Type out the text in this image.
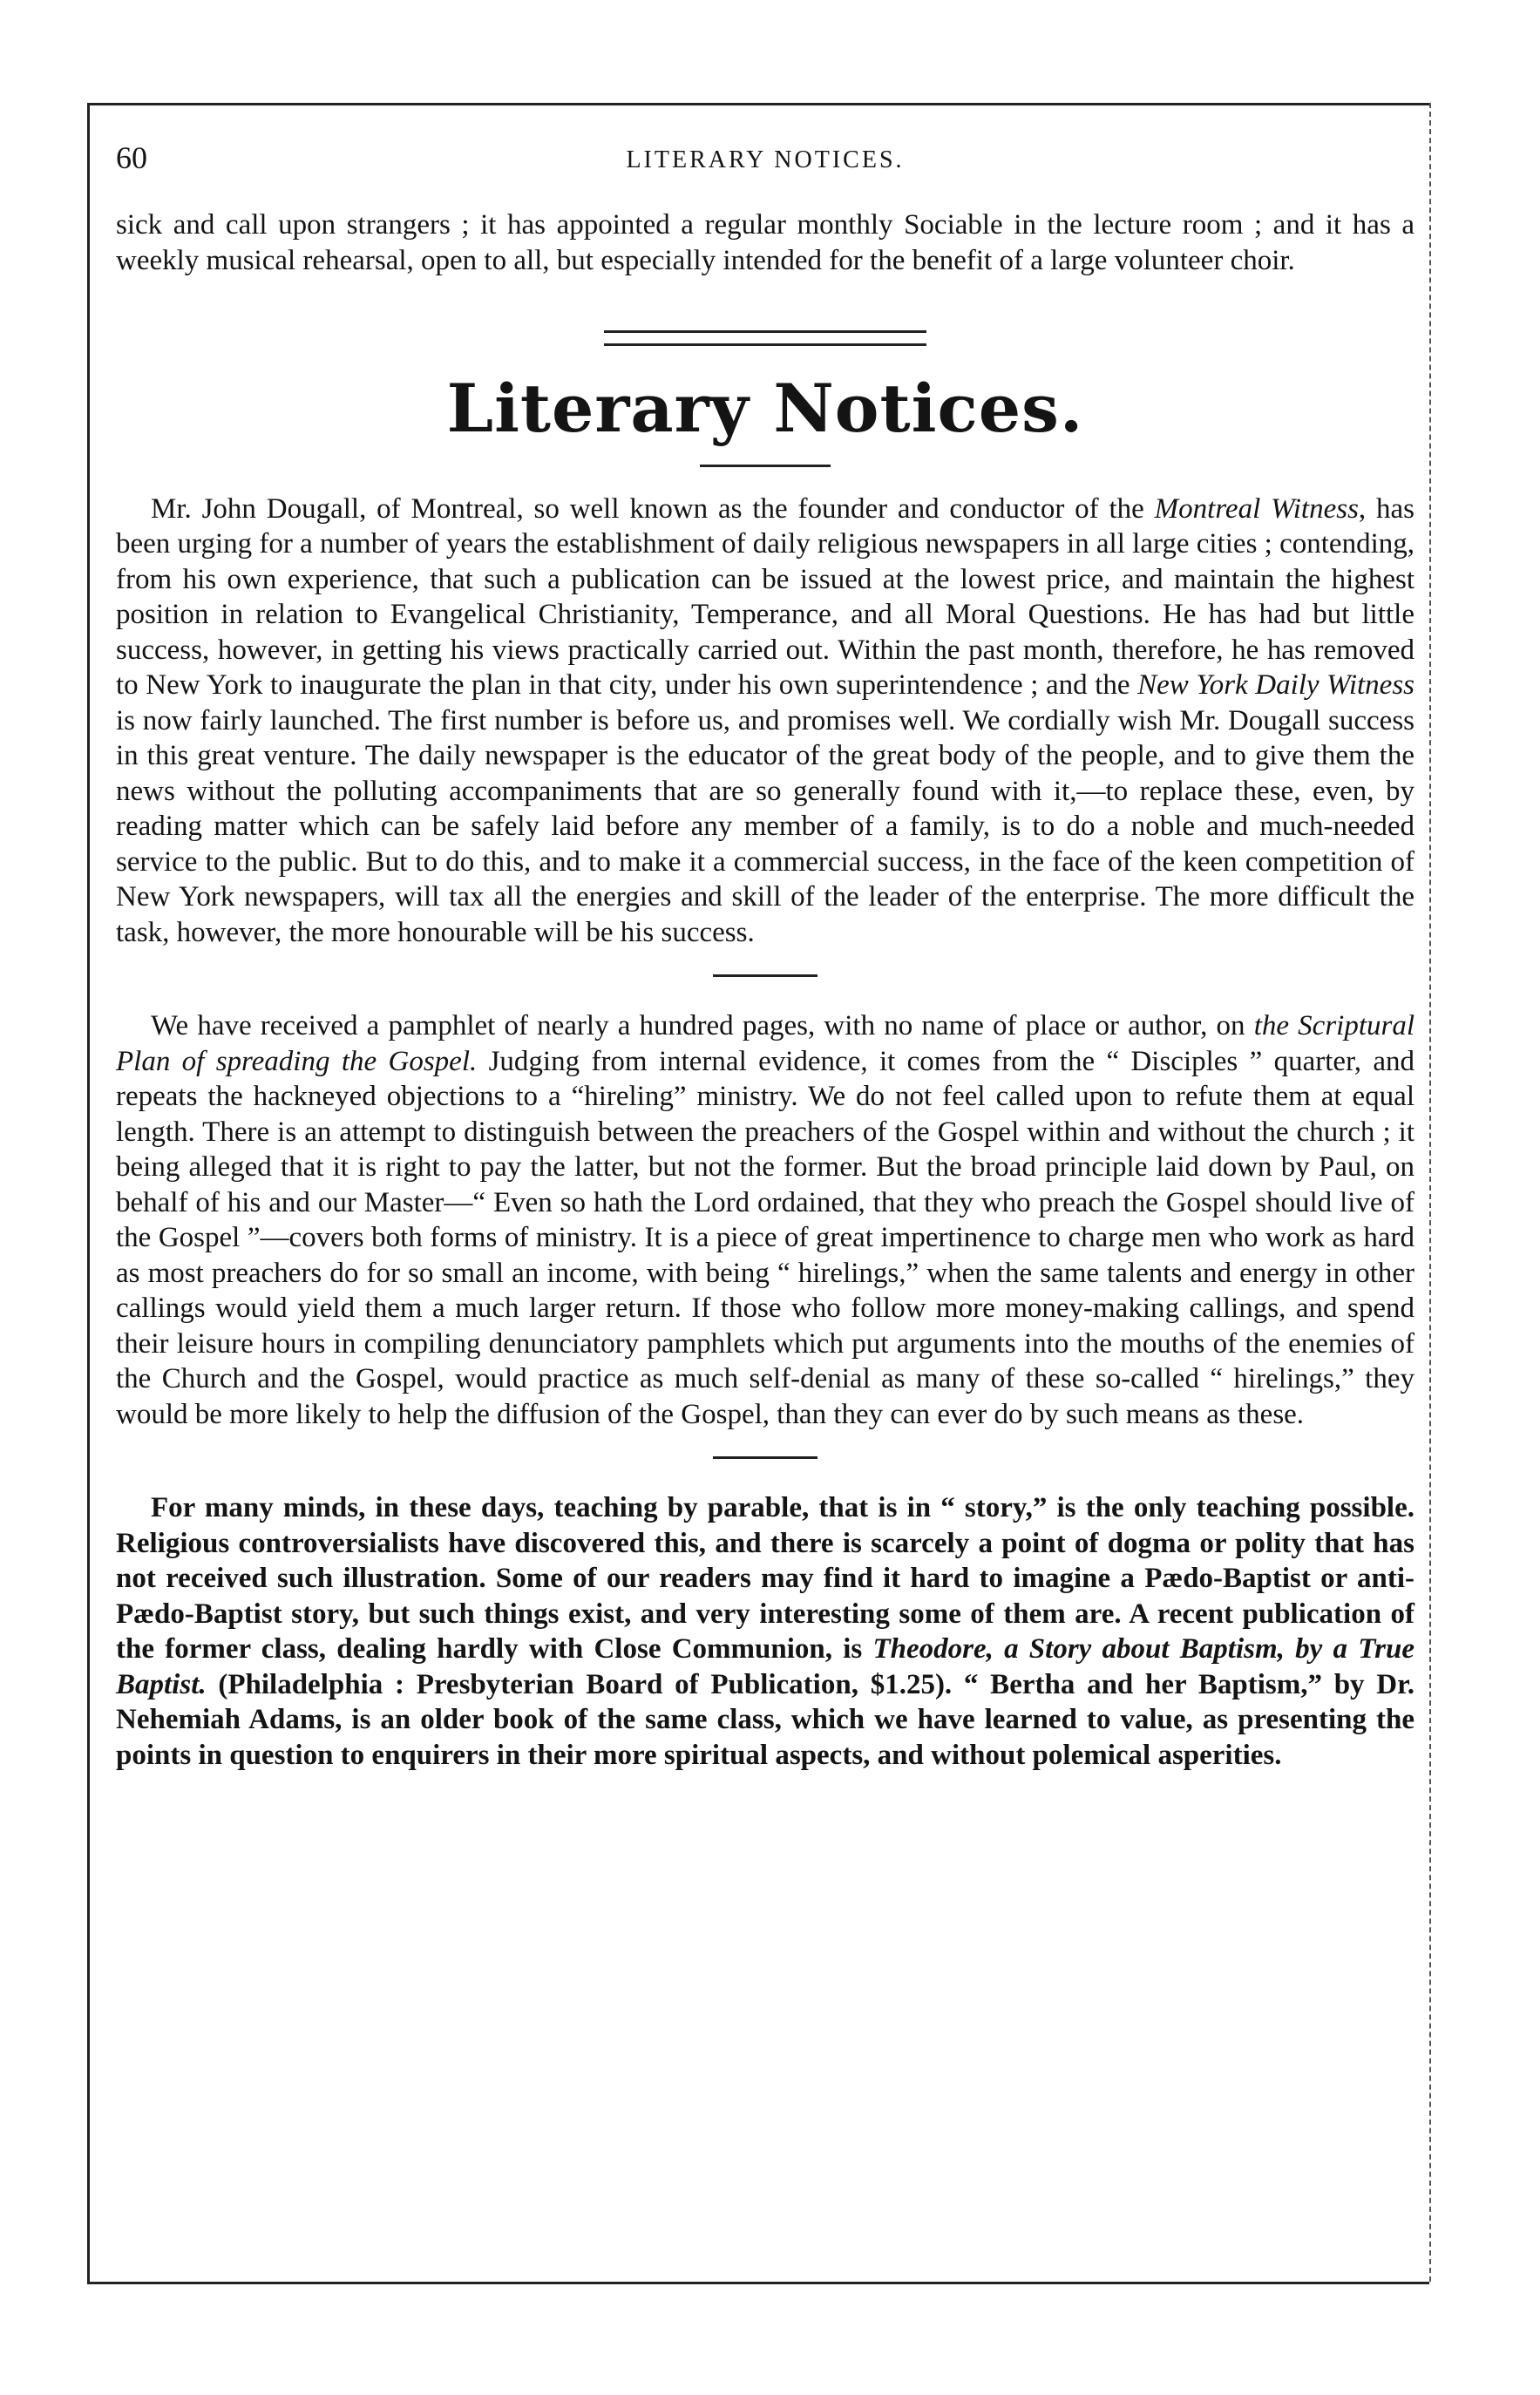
60	LITERARY NOTICES.

sick and call upon strangers ; it has appointed a regular monthly Sociable in the lecture room ; and it has a weekly musical rehearsal, open to all, but especially intended for the benefit of a large volunteer choir.

Literary Notices.

Mr. John Dougall, of Montreal, so well known as the founder and conductor of the Montreal Witness, has been urging for a number of years the establishment of daily religious newspapers in all large cities ; contending, from his own experience, that such a publication can be issued at the lowest price, and maintain the highest position in relation to Evangelical Christianity, Temperance, and all Moral Questions. He has had but little success, however, in getting his views practically carried out. Within the past month, therefore, he has removed to New York to inaugurate the plan in that city, under his own superintendence ; and the New York Daily Witness is now fairly launched. The first number is before us, and promises well. We cordially wish Mr. Dougall success in this great venture. The daily newspaper is the educator of the great body of the people, and to give them the news without the polluting accompaniments that are so generally found with it,—to replace these, even, by reading matter which can be safely laid before any member of a family, is to do a noble and much-needed service to the public. But to do this, and to make it a commercial success, in the face of the keen competition of New York newspapers, will tax all the energies and skill of the leader of the enterprise. The more difficult the task, however, the more honourable will be his success.

We have received a pamphlet of nearly a hundred pages, with no name of place or author, on the Scriptural Plan of spreading the Gospel. Judging from internal evidence, it comes from the “ Disciples ” quarter, and repeats the hackneyed objections to a “hireling” ministry. We do not feel called upon to refute them at equal length. There is an attempt to distinguish between the preachers of the Gospel within and without the church ; it being alleged that it is right to pay the latter, but not the former. But the broad principle laid down by Paul, on behalf of his and our Master—“ Even so hath the Lord ordained, that they who preach the Gospel should live of the Gospel ”—covers both forms of ministry. It is a piece of great impertinence to charge men who work as hard as most preachers do for so small an income, with being “ hirelings,” when the same talents and energy in other callings would yield them a much larger return. If those who follow more money-making callings, and spend their leisure hours in compiling denunciatory pamphlets which put arguments into the mouths of the enemies of the Church and the Gospel, would practice as much self-denial as many of these so-called “ hirelings,” they would be more likely to help the diffusion of the Gospel, than they can ever do by such means as these.

For many minds, in these days, teaching by parable, that is in “ story,” is the only teaching possible. Religious controversialists have discovered this, and there is scarcely a point of dogma or polity that has not received such illustration. Some of our readers may find it hard to imagine a Pædo-Baptist or anti-Pædo-Baptist story, but such things exist, and very interesting some of them are. A recent publication of the former class, dealing hardly with Close Communion, is Theodore, a Story about Baptism, by a True Baptist. (Philadelphia : Presbyterian Board of Publication, $1.25). “ Bertha and her Baptism,” by Dr. Nehemiah Adams, is an older book of the same class, which we have learned to value, as presenting the points in question to enquirers in their more spiritual aspects, and without polemical asperities.
